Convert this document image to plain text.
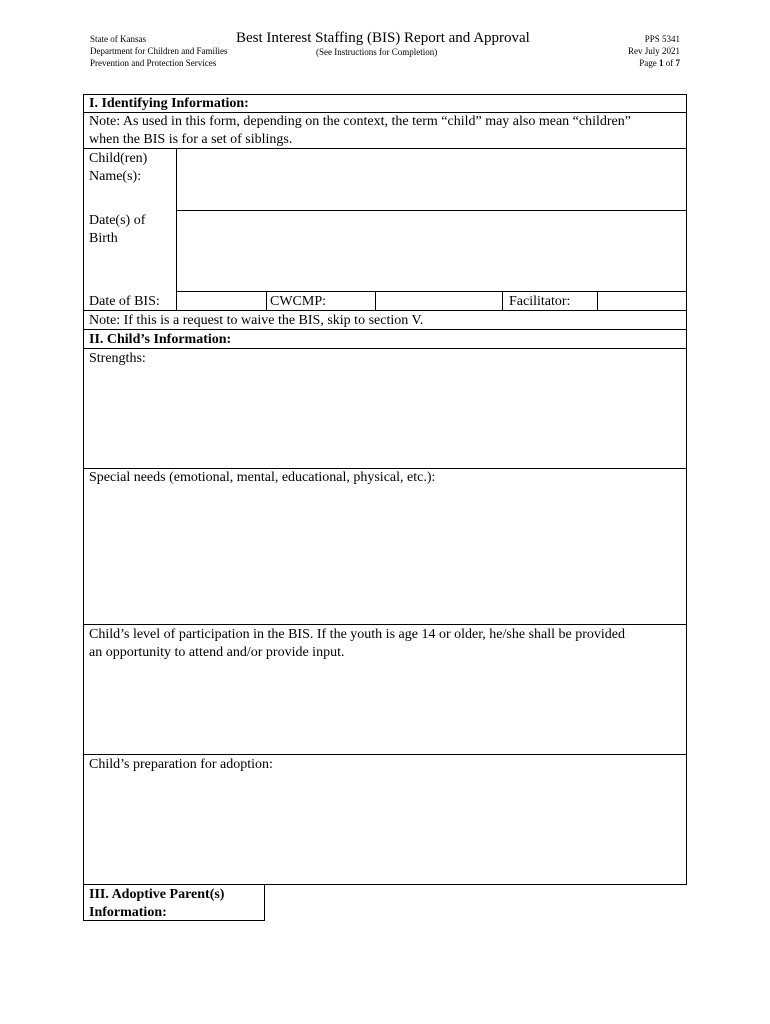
State of Kansas
Department for Children and Families
Prevention and Protection Services
Best Interest Staffing (BIS) Report and Approval
(See Instructions for Completion)
PPS 5341
Rev July 2021
Page 1 of 7
I. Identifying Information:
Note: As used in this form, depending on the context, the term “child” may also mean “children”
when the BIS is for a set of siblings.
Child(ren)
Name(s):
Date(s) of
Birth
Date of BIS:	CWCMP:	Facilitator:
Note: If this is a request to waive the BIS, skip to section V.
II. Child’s Information:
Strengths:
Special needs (emotional, mental, educational, physical, etc.):
Child’s level of participation in the BIS. If the youth is age 14 or older, he/she shall be provided
an opportunity to attend and/or provide input.
Child’s preparation for adoption:
III. Adoptive Parent(s)
Information:
